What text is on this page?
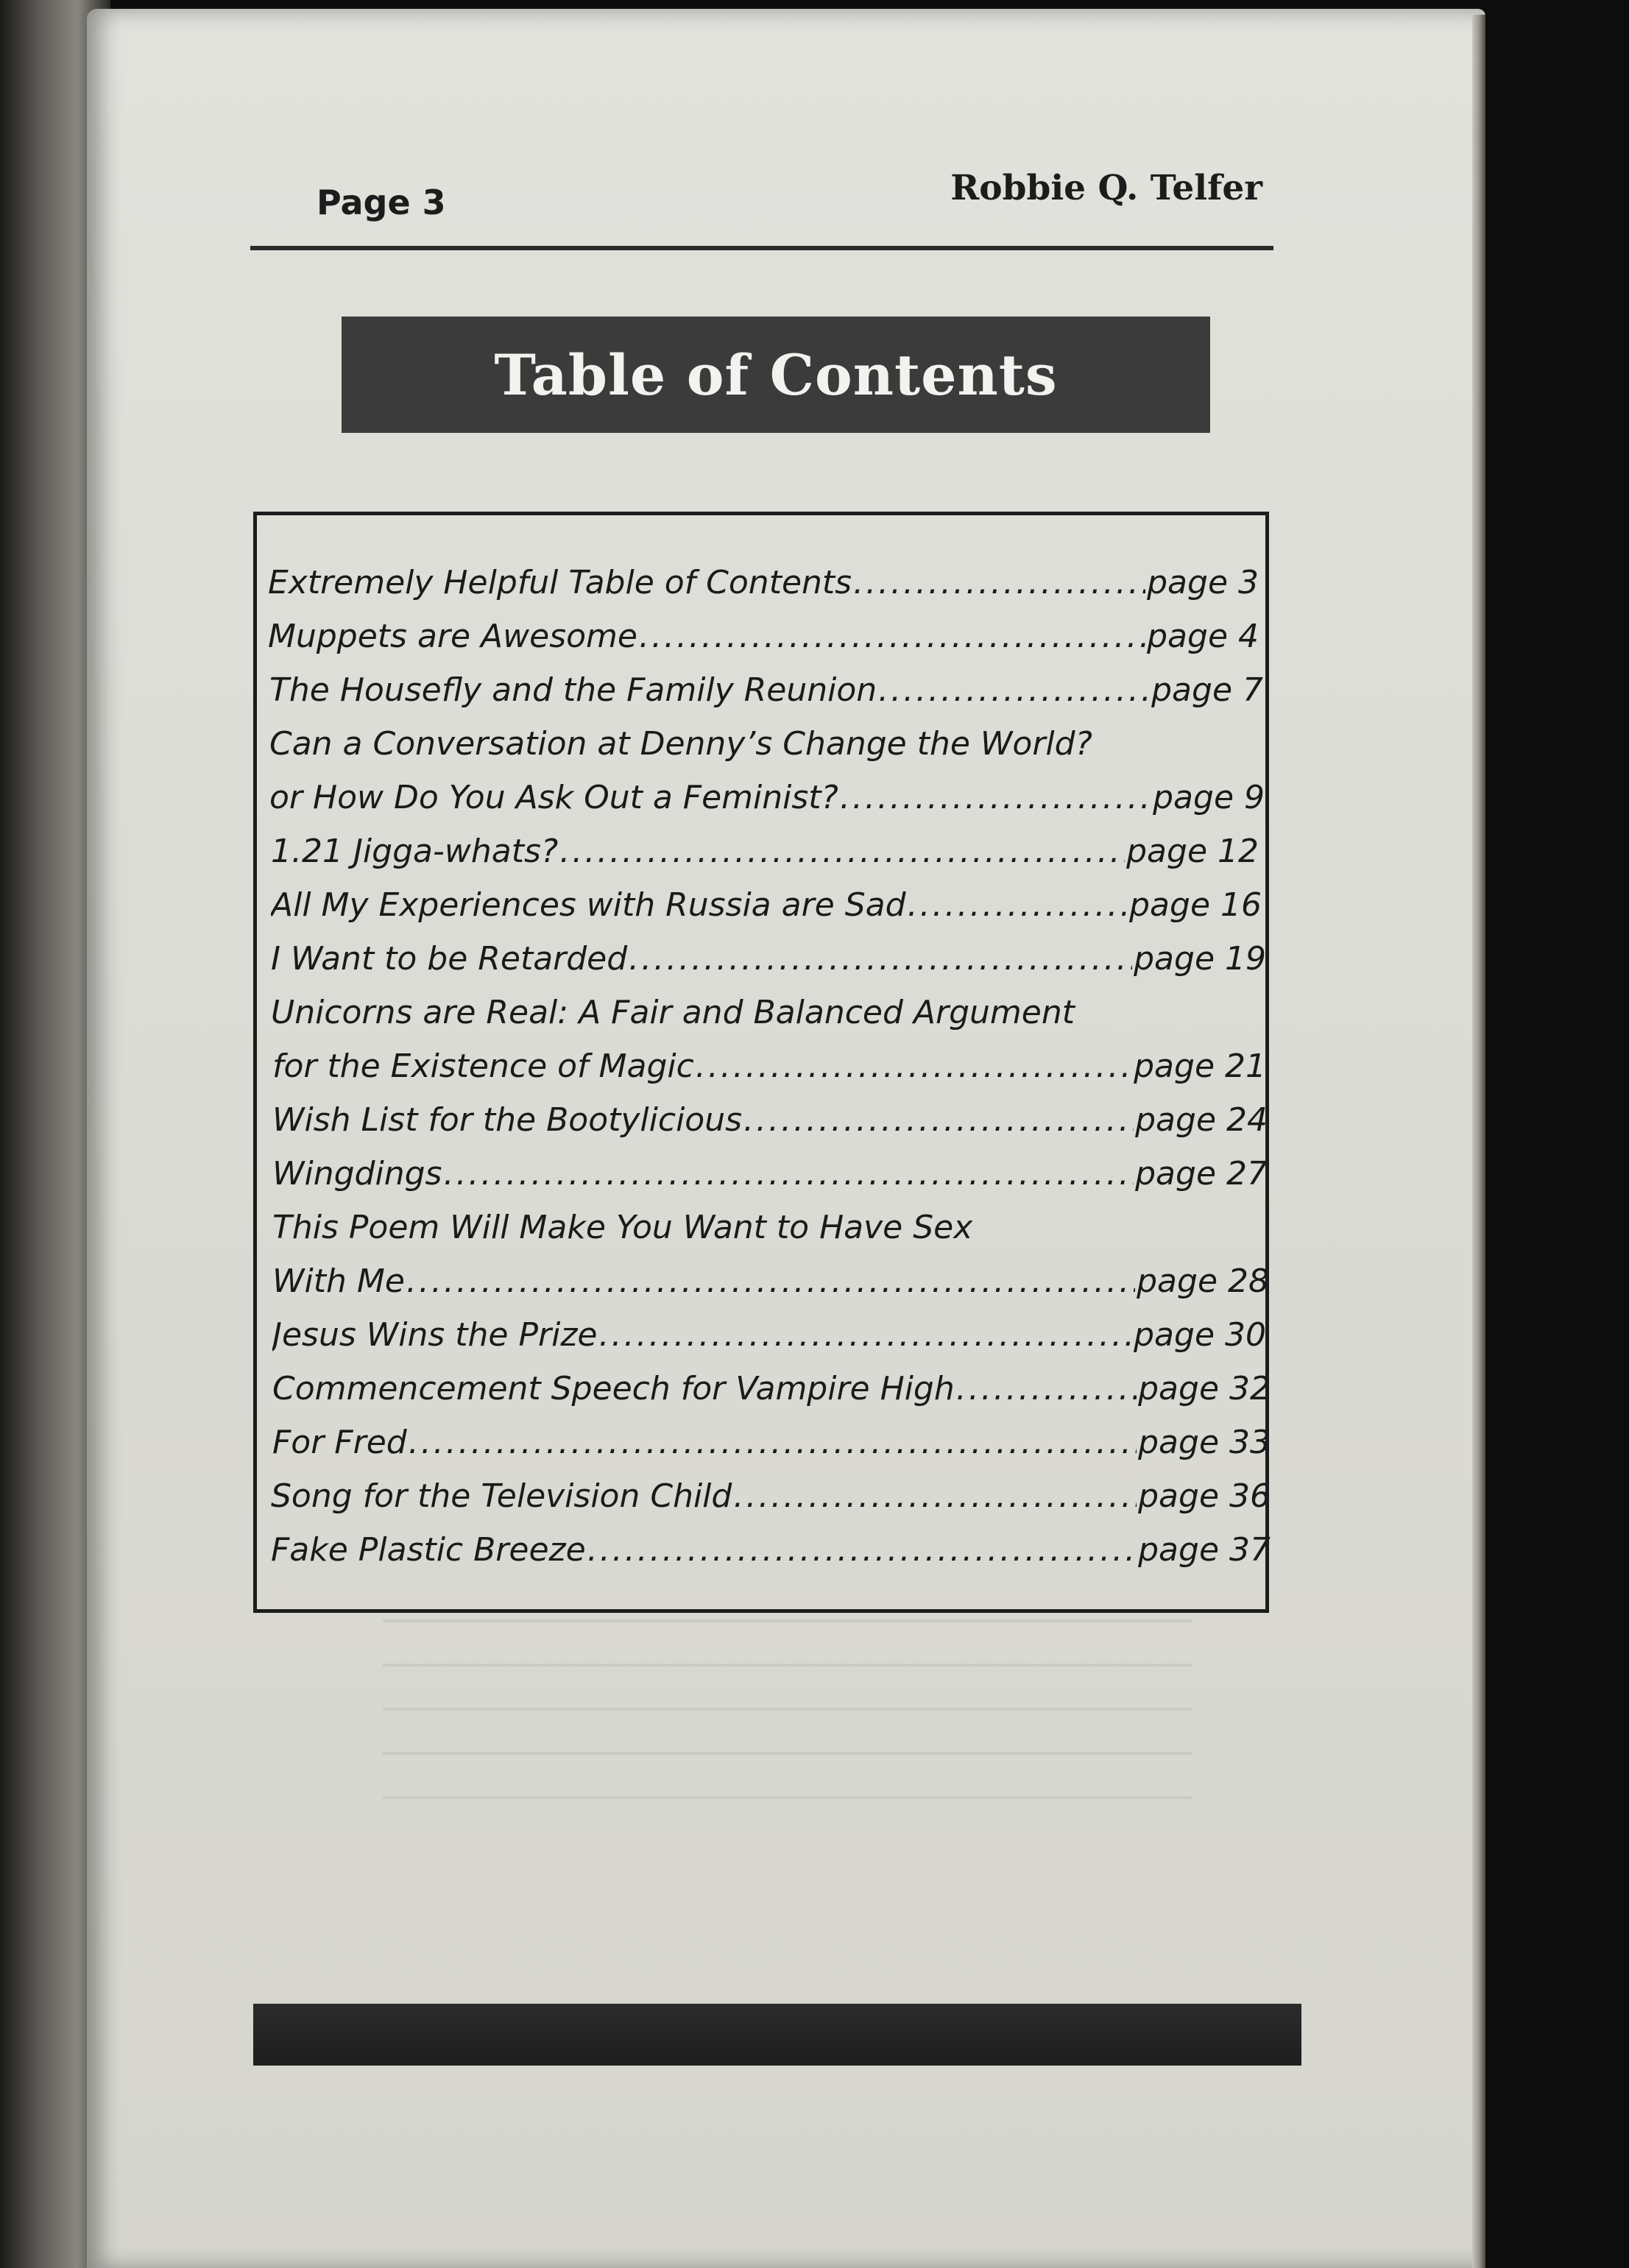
Page 3	Robbie Q. Telfer
Table of Contents
Extremely Helpful Table of Contents .....	page 3
Muppets are Awesome .....	page 4
The Housefly and the Family Reunion .....	page 7
Can a Conversation at Denny’s Change the World?
or How Do You Ask Out a Feminist? .....	page 9
1.21 Jigga-whats? .....	page 12
All My Experiences with Russia are Sad .....	page 16
I Want to be Retarded .....	page 19
Unicorns are Real: A Fair and Balanced Argument
for the Existence of Magic .....	page 21
Wish List for the Bootylicious .....	page 24
Wingdings .....	page 27
This Poem Will Make You Want to Have Sex
With Me .....	page 28
Jesus Wins the Prize .....	page 30
Commencement Speech for Vampire High .....	page 32
For Fred .....	page 33
Song for the Television Child .....	page 36
Fake Plastic Breeze .....	page 37
